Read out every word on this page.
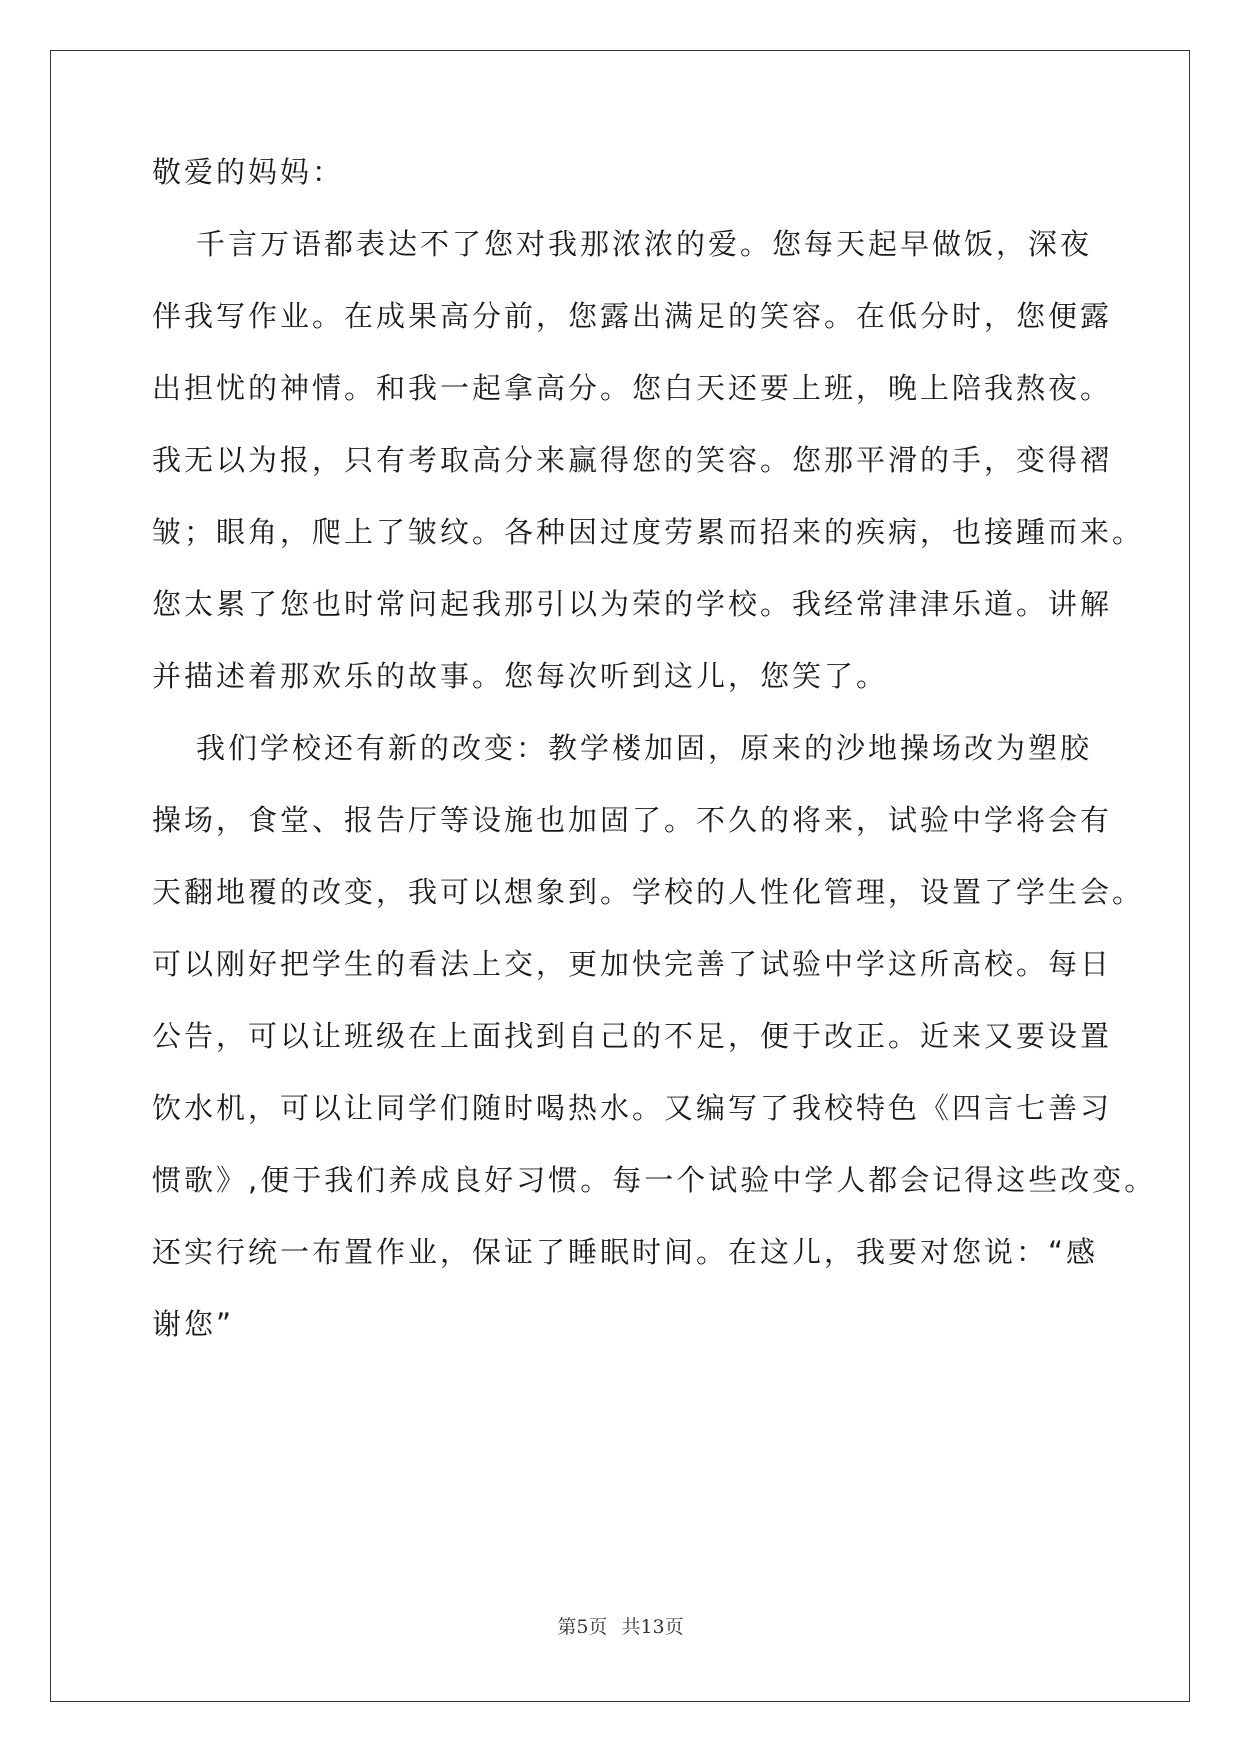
敬爱的妈妈：
千言万语都表达不了您对我那浓浓的爱。您每天起早做饭，深夜
伴我写作业。在成果高分前，您露出满足的笑容。在低分时，您便露
出担忧的神情。和我一起拿高分。您白天还要上班，晚上陪我熬夜。
我无以为报，只有考取高分来赢得您的笑容。您那平滑的手，变得褶
皱；眼角，爬上了皱纹。各种因过度劳累而招来的疾病，也接踵而来。
您太累了您也时常问起我那引以为荣的学校。我经常津津乐道。讲解
并描述着那欢乐的故事。您每次听到这儿，您笑了。
我们学校还有新的改变：教学楼加固，原来的沙地操场改为塑胶
操场，食堂、报告厅等设施也加固了。不久的将来，试验中学将会有
天翻地覆的改变，我可以想象到。学校的人性化管理，设置了学生会。
可以刚好把学生的看法上交，更加快完善了试验中学这所高校。每日
公告，可以让班级在上面找到自己的不足，便于改正。近来又要设置
饮水机，可以让同学们随时喝热水。又编写了我校特色《四言七善习
惯歌》,便于我们养成良好习惯。每一个试验中学人都会记得这些改变。
还实行统一布置作业，保证了睡眠时间。在这儿，我要对您说：“感
谢您”
第5页 共13页
